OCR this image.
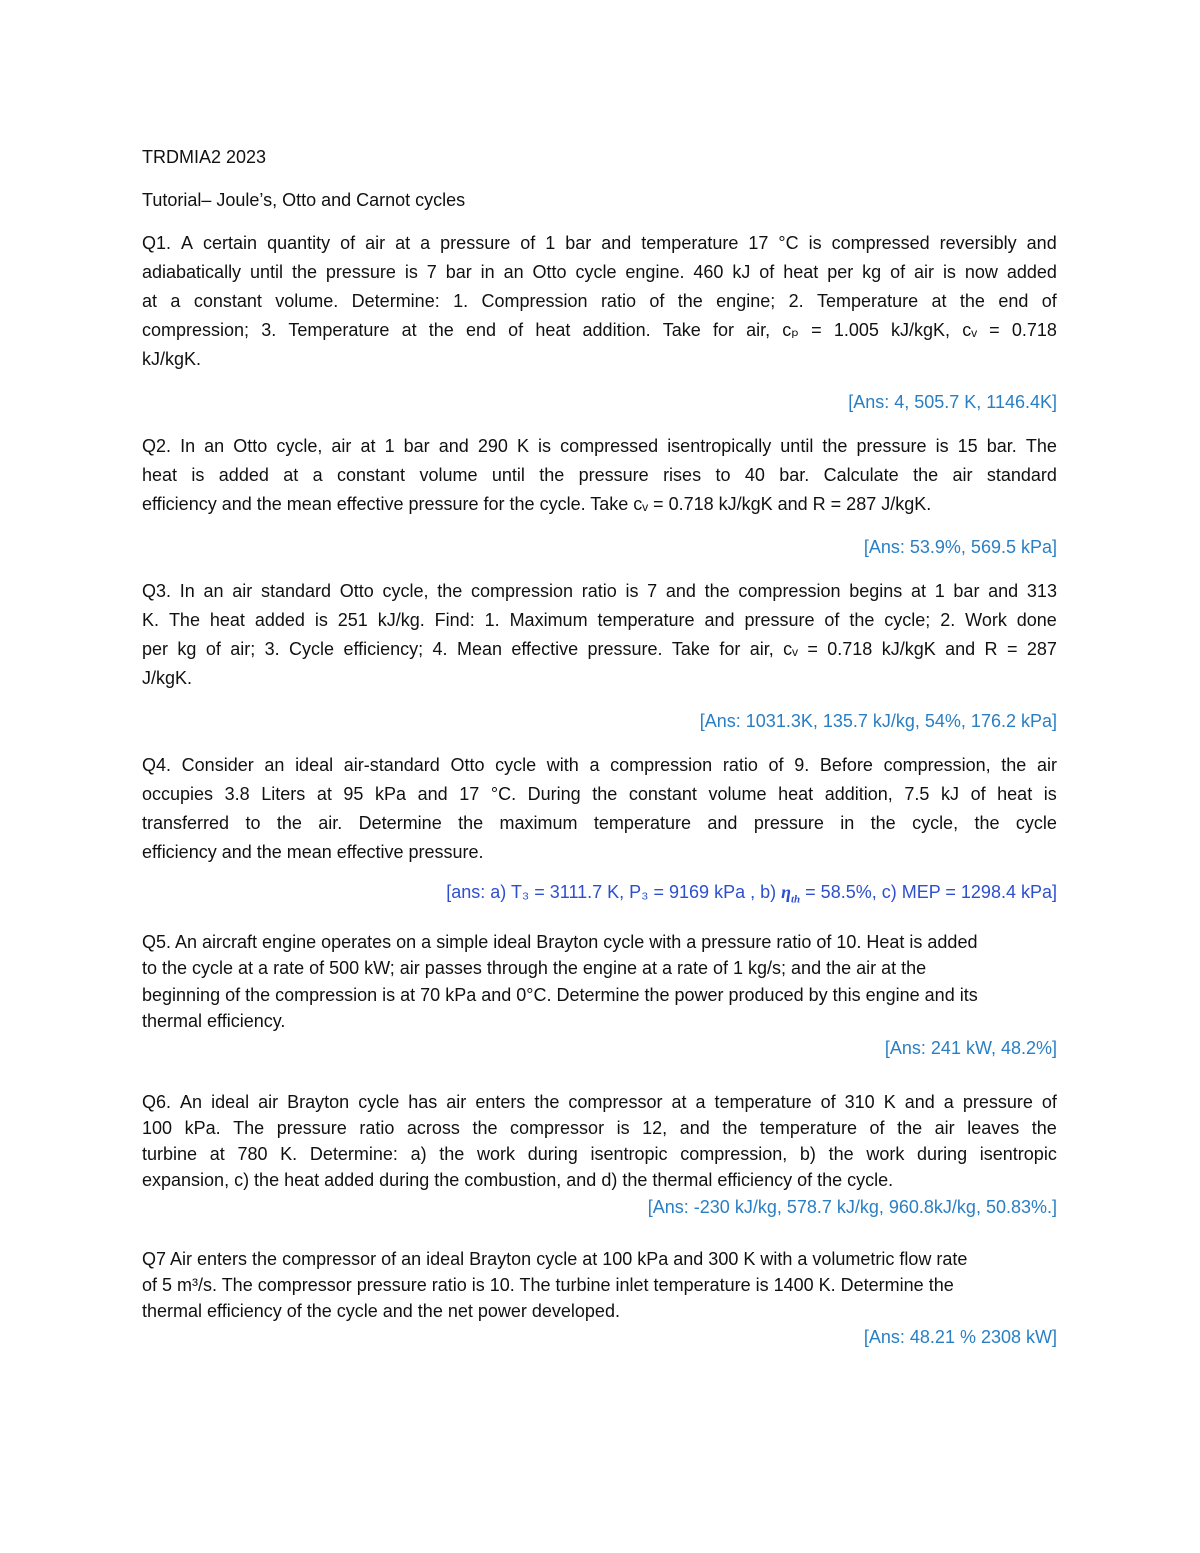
TRDMIA2 2023
Tutorial– Joule’s, Otto and Carnot cycles
Q1. A certain quantity of air at a pressure of 1 bar and temperature 17 °C is compressed reversibly and
adiabatically until the pressure is 7 bar in an Otto cycle engine. 460 kJ of heat per kg of air is now added
at a constant volume. Determine: 1. Compression ratio of the engine; 2. Temperature at the end of
compression; 3. Temperature at the end of heat addition. Take for air, cₚ = 1.005 kJ/kgK, cᵥ = 0.718
kJ/kgK.
[Ans: 4, 505.7 K, 1146.4K]
Q2. In an Otto cycle, air at 1 bar and 290 K is compressed isentropically until the pressure is 15 bar. The
heat is added at a constant volume until the pressure rises to 40 bar. Calculate the air standard
efficiency and the mean effective pressure for the cycle. Take cᵥ = 0.718 kJ/kgK and R = 287 J/kgK.
[Ans: 53.9%, 569.5 kPa]
Q3. In an air standard Otto cycle, the compression ratio is 7 and the compression begins at 1 bar and 313
K. The heat added is 251 kJ/kg. Find: 1. Maximum temperature and pressure of the cycle; 2. Work done
per kg of air; 3. Cycle efficiency; 4. Mean effective pressure. Take for air, cᵥ = 0.718 kJ/kgK and R = 287
J/kgK.
[Ans: 1031.3K, 135.7 kJ/kg, 54%, 176.2 kPa]
Q4. Consider an ideal air-standard Otto cycle with a compression ratio of 9. Before compression, the air
occupies 3.8 Liters at 95 kPa and 17 °C. During the constant volume heat addition, 7.5 kJ of heat is
transferred to the air. Determine the maximum temperature and pressure in the cycle, the cycle
efficiency and the mean effective pressure.
[ans: a) T₃ = 3111.7 K, P₃ = 9169 kPa , b) $\eta_{th} = 58.5\%$, c) MEP = 1298.4 kPa]
Q5. An aircraft engine operates on a simple ideal Brayton cycle with a pressure ratio of 10. Heat is added
to the cycle at a rate of 500 kW; air passes through the engine at a rate of 1 kg/s; and the air at the
beginning of the compression is at 70 kPa and 0°C. Determine the power produced by this engine and its
thermal efficiency.
[Ans: 241 kW, 48.2%]
Q6. An ideal air Brayton cycle has air enters the compressor at a temperature of 310 K and a pressure of
100 kPa. The pressure ratio across the compressor is 12, and the temperature of the air leaves the
turbine at 780 K. Determine: a) the work during isentropic compression, b) the work during isentropic
expansion, c) the heat added during the combustion, and d) the thermal efficiency of the cycle.
[Ans: -230 kJ/kg, 578.7 kJ/kg, 960.8kJ/kg, 50.83%.]
Q7 Air enters the compressor of an ideal Brayton cycle at 100 kPa and 300 K with a volumetric flow rate
of 5 m³/s. The compressor pressure ratio is 10. The turbine inlet temperature is 1400 K. Determine the
thermal efficiency of the cycle and the net power developed.
[Ans: 48.21 % 2308 kW]
